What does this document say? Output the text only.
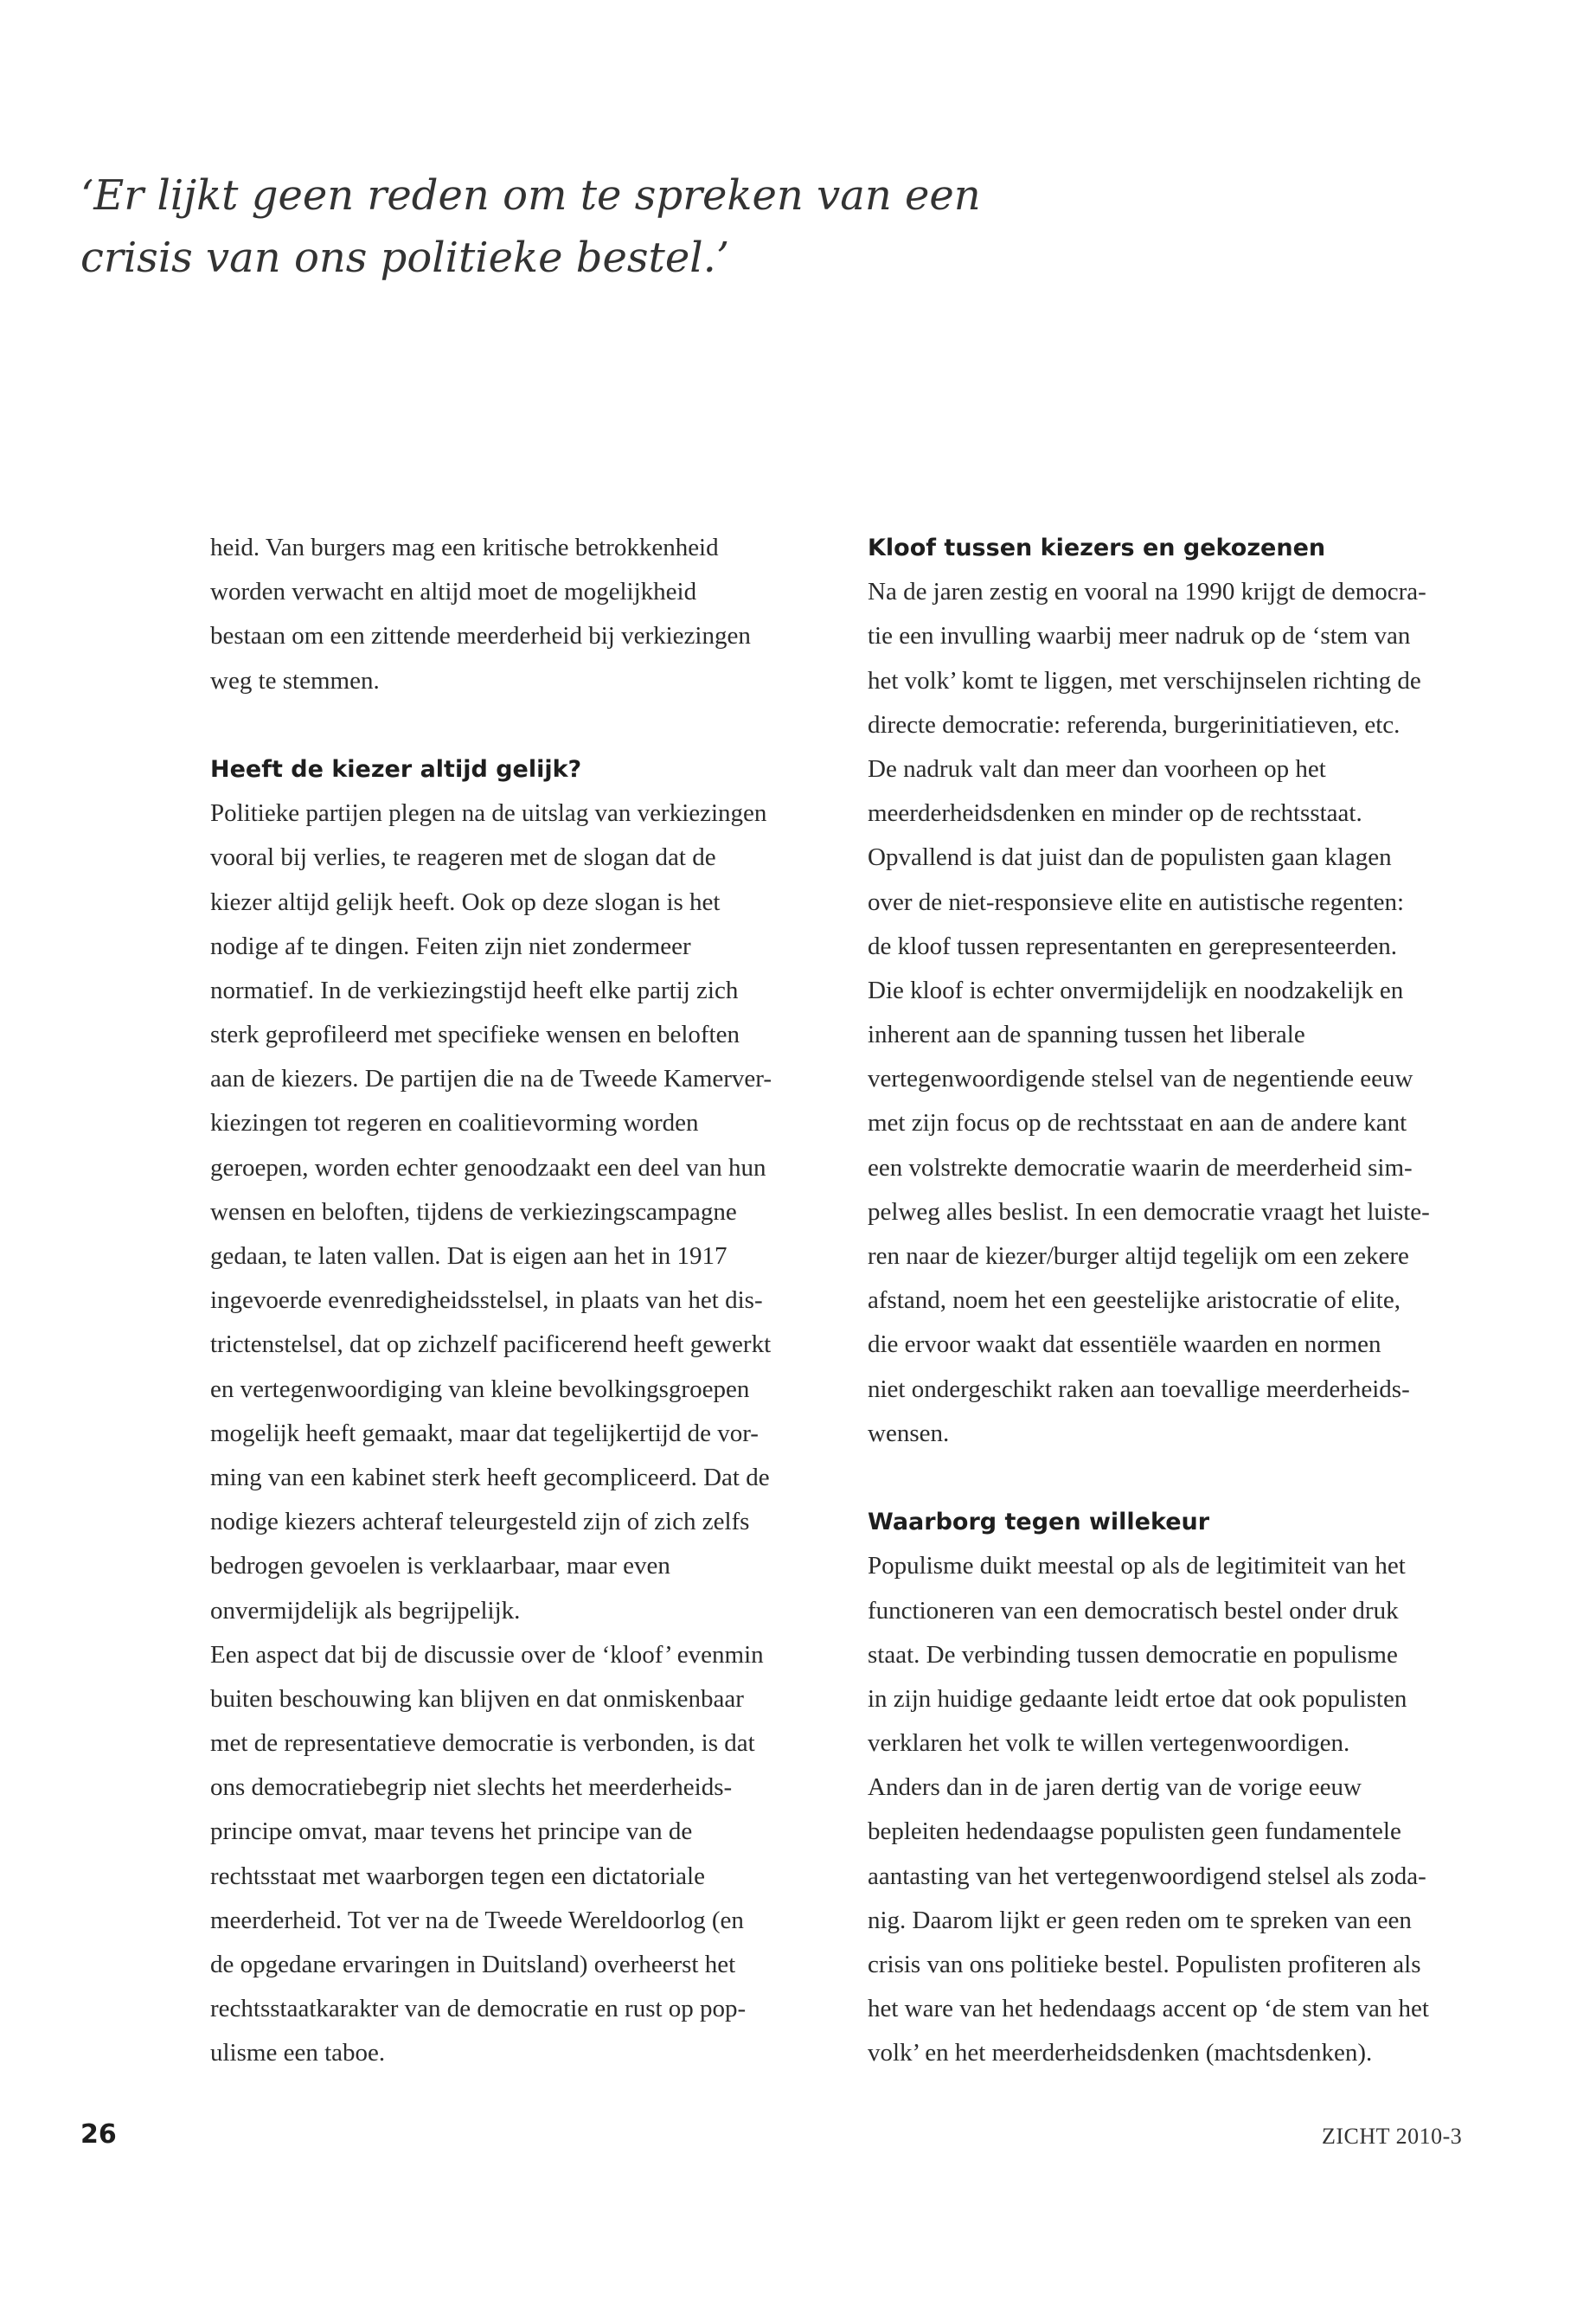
‘Er lijkt geen reden om te spreken van een
crisis van ons politieke bestel.’
heid. Van burgers mag een kritische betrokkenheid
worden verwacht en altijd moet de mogelijkheid
bestaan om een zittende meerderheid bij verkiezingen
weg te stemmen.
Heeft de kiezer altijd gelijk?
Politieke partijen plegen na de uitslag van verkiezingen
vooral bij verlies, te reageren met de slogan dat de
kiezer altijd gelijk heeft. Ook op deze slogan is het
nodige af te dingen. Feiten zijn niet zondermeer
normatief. In de verkiezingstijd heeft elke partij zich
sterk geprofileerd met specifieke wensen en beloften
aan de kiezers. De partijen die na de Tweede Kamerver-
kiezingen tot regeren en coalitievorming worden
geroepen, worden echter genoodzaakt een deel van hun
wensen en beloften, tijdens de verkiezingscampagne
gedaan, te laten vallen. Dat is eigen aan het in 1917
ingevoerde evenredigheidsstelsel, in plaats van het dis-
trictenstelsel, dat op zichzelf pacificerend heeft gewerkt
en vertegenwoordiging van kleine bevolkingsgroepen
mogelijk heeft gemaakt, maar dat tegelijkertijd de vor-
ming van een kabinet sterk heeft gecompliceerd. Dat de
nodige kiezers achteraf teleurgesteld zijn of zich zelfs
bedrogen gevoelen is verklaarbaar, maar even
onvermijdelijk als begrijpelijk.
Een aspect dat bij de discussie over de ‘kloof’ evenmin
buiten beschouwing kan blijven en dat onmiskenbaar
met de representatieve democratie is verbonden, is dat
ons democratiebegrip niet slechts het meerderheids-
principe omvat, maar tevens het principe van de
rechtsstaat met waarborgen tegen een dictatoriale
meerderheid. Tot ver na de Tweede Wereldoorlog (en
de opgedane ervaringen in Duitsland) overheerst het
rechtsstaatkarakter van de democratie en rust op pop-
ulisme een taboe.
Kloof tussen kiezers en gekozenen
Na de jaren zestig en vooral na 1990 krijgt de democra-
tie een invulling waarbij meer nadruk op de ‘stem van
het volk’ komt te liggen, met verschijnselen richting de
directe democratie: referenda, burgerinitiatieven, etc.
De nadruk valt dan meer dan voorheen op het
meerderheidsdenken en minder op de rechtsstaat.
Opvallend is dat juist dan de populisten gaan klagen
over de niet-responsieve elite en autistische regenten:
de kloof tussen representanten en gerepresenteerden.
Die kloof is echter onvermijdelijk en noodzakelijk en
inherent aan de spanning tussen het liberale
vertegenwoordigende stelsel van de negentiende eeuw
met zijn focus op de rechtsstaat en aan de andere kant
een volstrekte democratie waarin de meerderheid sim-
pelweg alles beslist. In een democratie vraagt het luiste-
ren naar de kiezer/burger altijd tegelijk om een zekere
afstand, noem het een geestelijke aristocratie of elite,
die ervoor waakt dat essentiële waarden en normen
niet ondergeschikt raken aan toevallige meerderheids-
wensen.
Waarborg tegen willekeur
Populisme duikt meestal op als de legitimiteit van het
functioneren van een democratisch bestel onder druk
staat. De verbinding tussen democratie en populisme
in zijn huidige gedaante leidt ertoe dat ook populisten
verklaren het volk te willen vertegenwoordigen.
Anders dan in de jaren dertig van de vorige eeuw
bepleiten hedendaagse populisten geen fundamentele
aantasting van het vertegenwoordigend stelsel als zoda-
nig. Daarom lijkt er geen reden om te spreken van een
crisis van ons politieke bestel. Populisten profiteren als
het ware van het hedendaags accent op ‘de stem van het
volk’ en het meerderheidsdenken (machtsdenken).
26	ZICHT 2010-3
